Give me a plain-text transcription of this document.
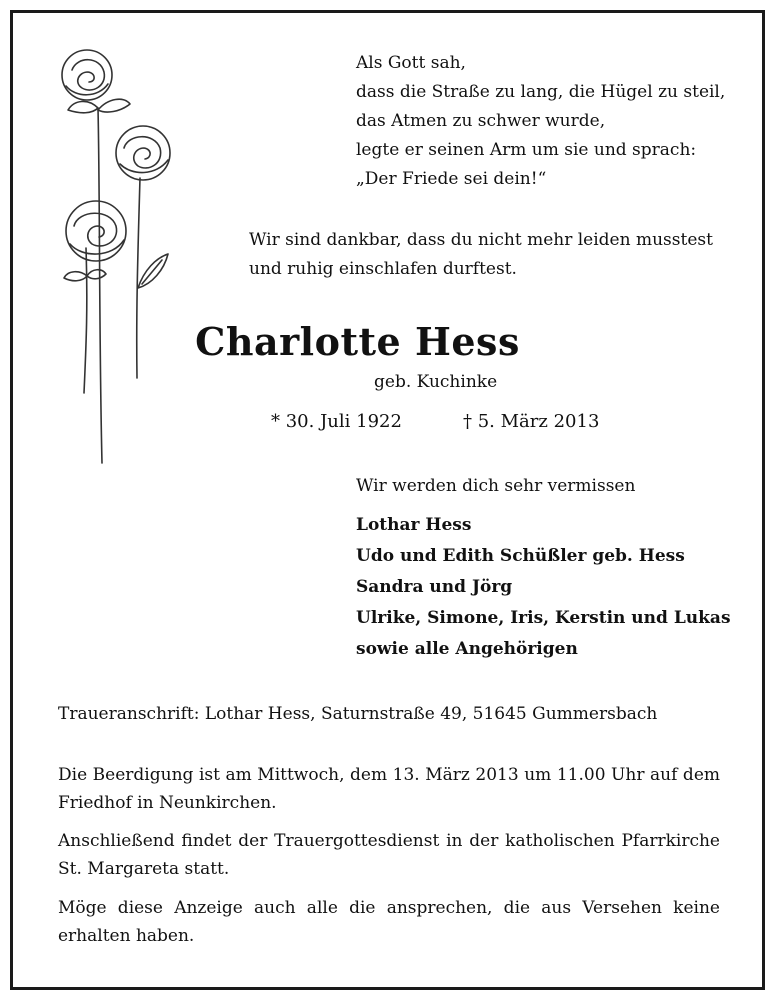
Als Gott sah,
dass die Straße zu lang, die Hügel zu steil,
das Atmen zu schwer wurde,
legte er seinen Arm um sie und sprach:
„Der Friede sei dein!“
Wir sind dankbar, dass du nicht mehr leiden musstest
und ruhig einschlafen durftest.
Charlotte Hess
geb. Kuchinke
* 30. Juli 1922	† 5. März 2013
Wir werden dich sehr vermissen
Lothar Hess
Udo und Edith Schüßler geb. Hess
Sandra und Jörg
Ulrike, Simone, Iris, Kerstin und Lukas
sowie alle Angehörigen
Traueranschrift: Lothar Hess, Saturnstraße 49, 51645 Gummersbach
Die Beerdigung ist am Mittwoch, dem 13. März 2013 um 11.00 Uhr auf dem Friedhof in Neunkirchen.
Anschließend findet der Trauergottesdienst in der katholischen Pfarrkirche St. Margareta statt.
Möge diese Anzeige auch alle die ansprechen, die aus Versehen keine erhalten haben.
